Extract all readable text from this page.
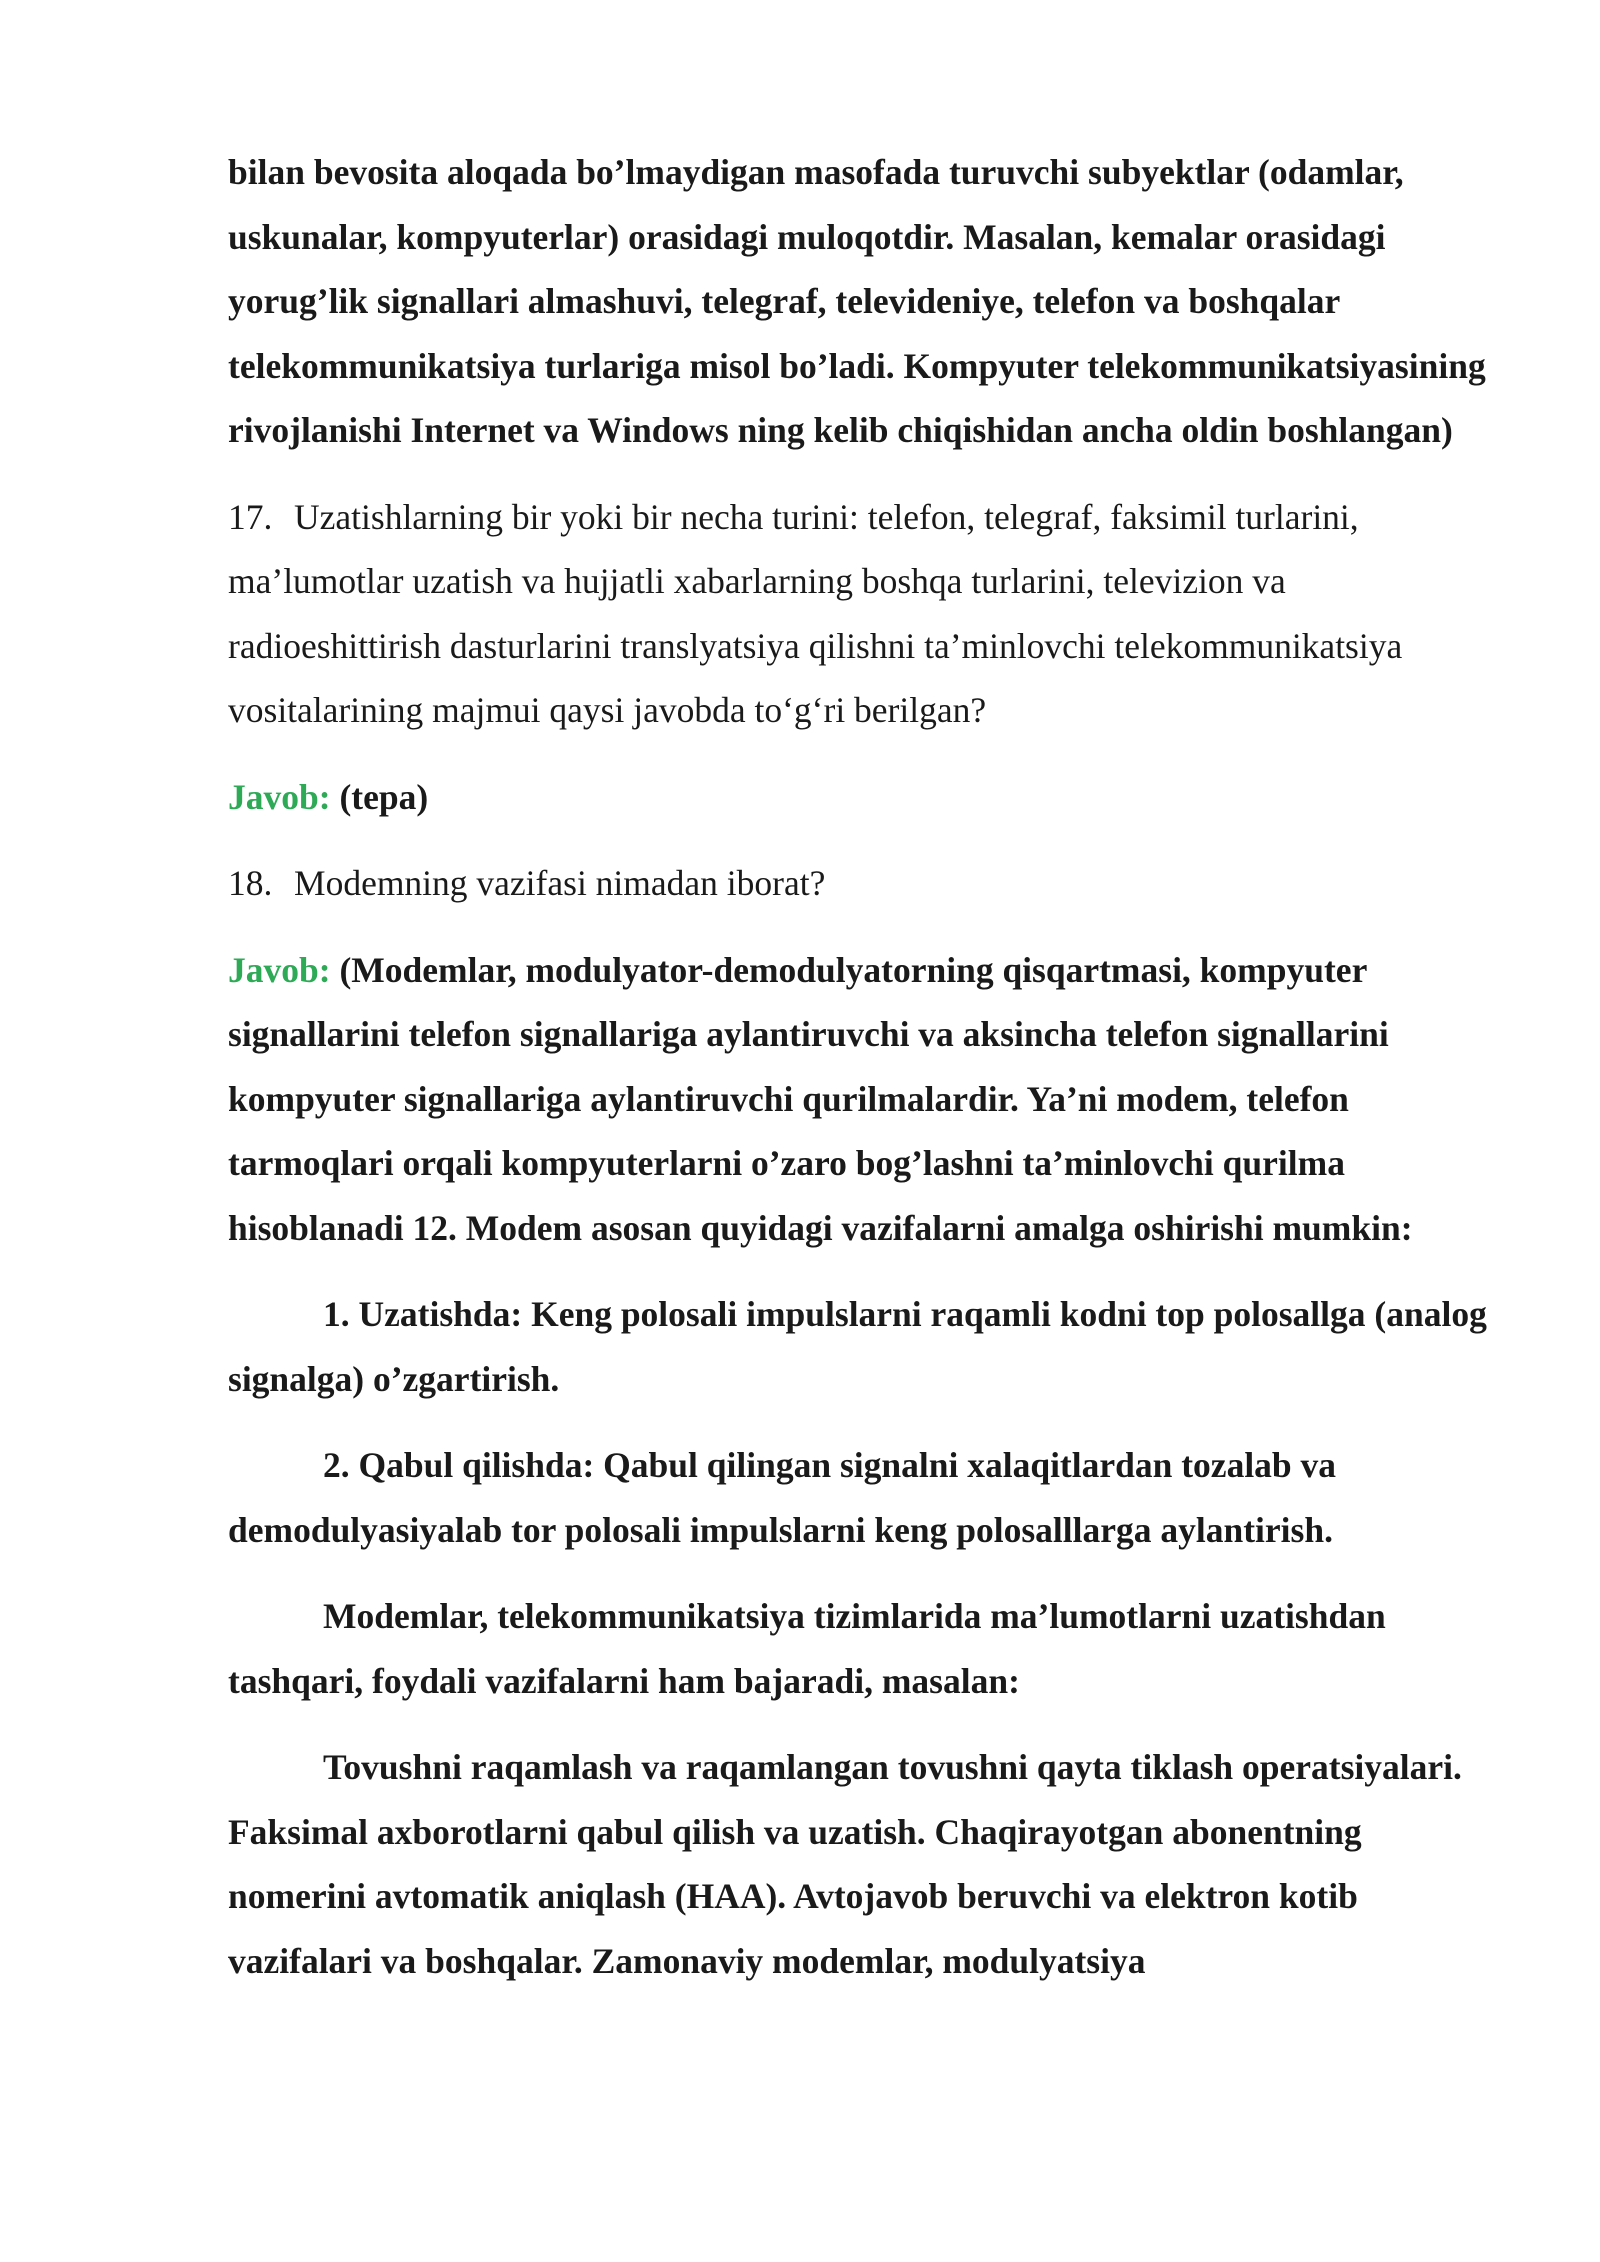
bilan bevosita aloqada bo’lmaydigan masofada turuvchi subyektlar (odamlar, uskunalar, kompyuterlar) orasidagi muloqotdir. Masalan, kemalar orasidagi yorug’lik signallari almashuvi, telegraf, televideniye, telefon va boshqalar telekommunikatsiya turlariga misol bo’ladi. Kompyuter telekommunikatsiyasining rivojlanishi Internet va Windows ning kelib chiqishidan ancha oldin boshlangan)

17. Uzatishlarning bir yoki bir necha turini: telefon, telegraf, faksimil turlarini, ma’lumotlar uzatish va hujjatli xabarlarning boshqa turlarini, televizion va radioeshittirish dasturlarini translyatsiya qilishni ta’minlovchi telekommunikatsiya vositalarining majmui qaysi javobda to‘g‘ri berilgan?

Javob: (tepa)

18. Modemning vazifasi nimadan iborat?

Javob: (Modemlar, modulyator-demodulyatorning qisqartmasi, kompyuter signallarini telefon signallariga aylantiruvchi va aksincha telefon signallarini kompyuter signallariga aylantiruvchi qurilmalardir. Ya’ni modem, telefon tarmoqlari orqali kompyuterlarni o’zaro bog’lashni ta’minlovchi qurilma hisoblanadi 12. Modem asosan quyidagi vazifalarni amalga oshirishi mumkin:

1. Uzatishda: Keng polosali impulslarni raqamli kodni top polosallga (analog signalga) o’zgartirish.

2. Qabul qilishda: Qabul qilingan signalni xalaqitlardan tozalab va demodulyasiyalab tor polosali impulslarni keng polosalllarga aylantirish.

Modemlar, telekommunikatsiya tizimlarida ma’lumotlarni uzatishdan tashqari, foydali vazifalarni ham bajaradi, masalan:

Tovushni raqamlash va raqamlangan tovushni qayta tiklash operatsiyalari. Faksimal axborotlarni qabul qilish va uzatish. Chaqirayotgan abonentning nomerini avtomatik aniqlash (HAA). Avtojavob beruvchi va elektron kotib vazifalari va boshqalar. Zamonaviy modemlar, modulyatsiya
